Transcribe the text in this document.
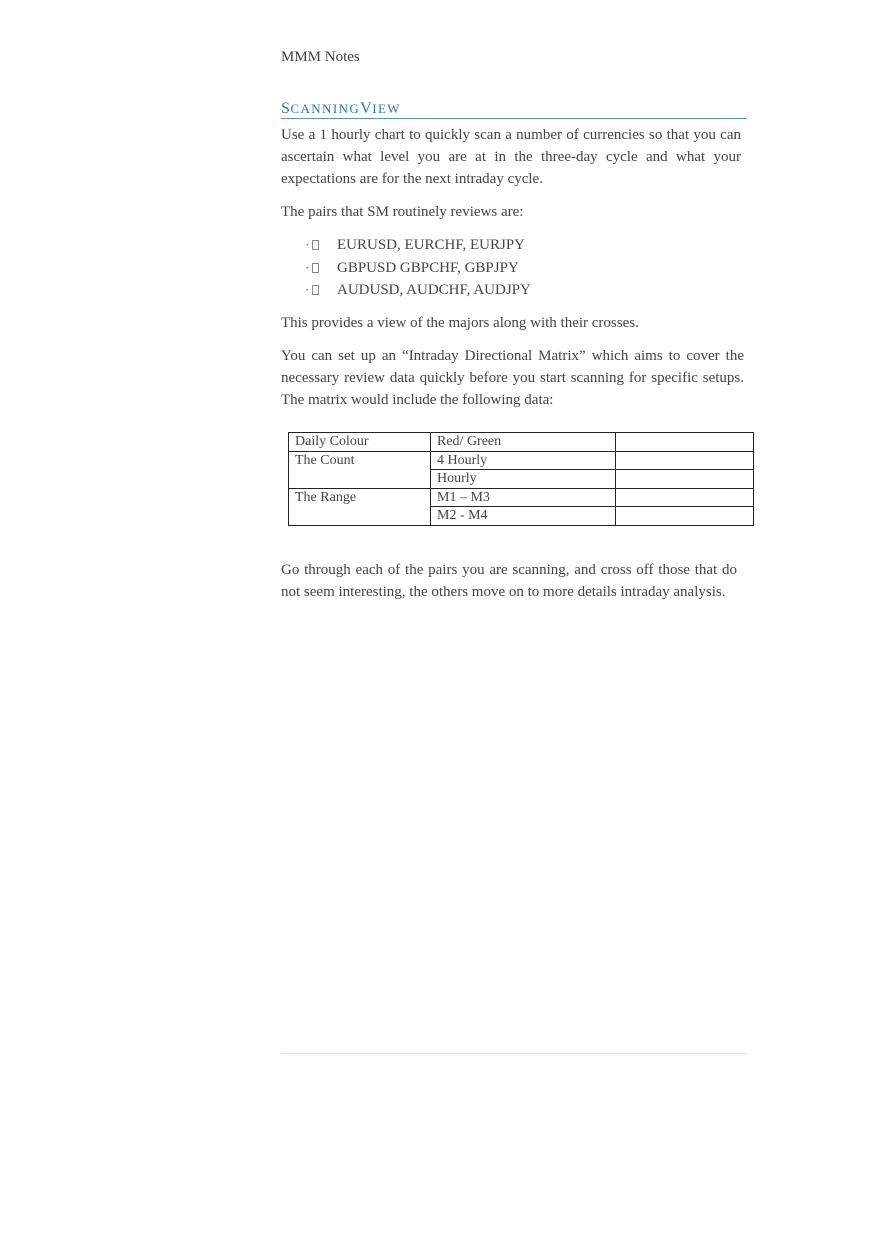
MMM Notes
SCANNINGVIEW

Use a 1 hourly chart to quickly scan a number of currencies so that you can ascertain what level you are at in the three-day cycle and what your expectations are for the next intraday cycle.

The pairs that SM routinely reviews are:

· EURUSD, EURCHF, EURJPY
· GBPUSD GBPCHF, GBPJPY
· AUDUSD, AUDCHF, AUDJPY

This provides a view of the majors along with their crosses.

You can set up an “Intraday Directional Matrix” which aims to cover the necessary review data quickly before you start scanning for specific setups. The matrix would include the following data:

Daily Colour	Red/ Green	
The Count	4 Hourly	
	Hourly	
The Range	M1 – M3	
	M2 - M4	

Go through each of the pairs you are scanning, and cross off those that do not seem interesting, the others move on to more details intraday analysis.
